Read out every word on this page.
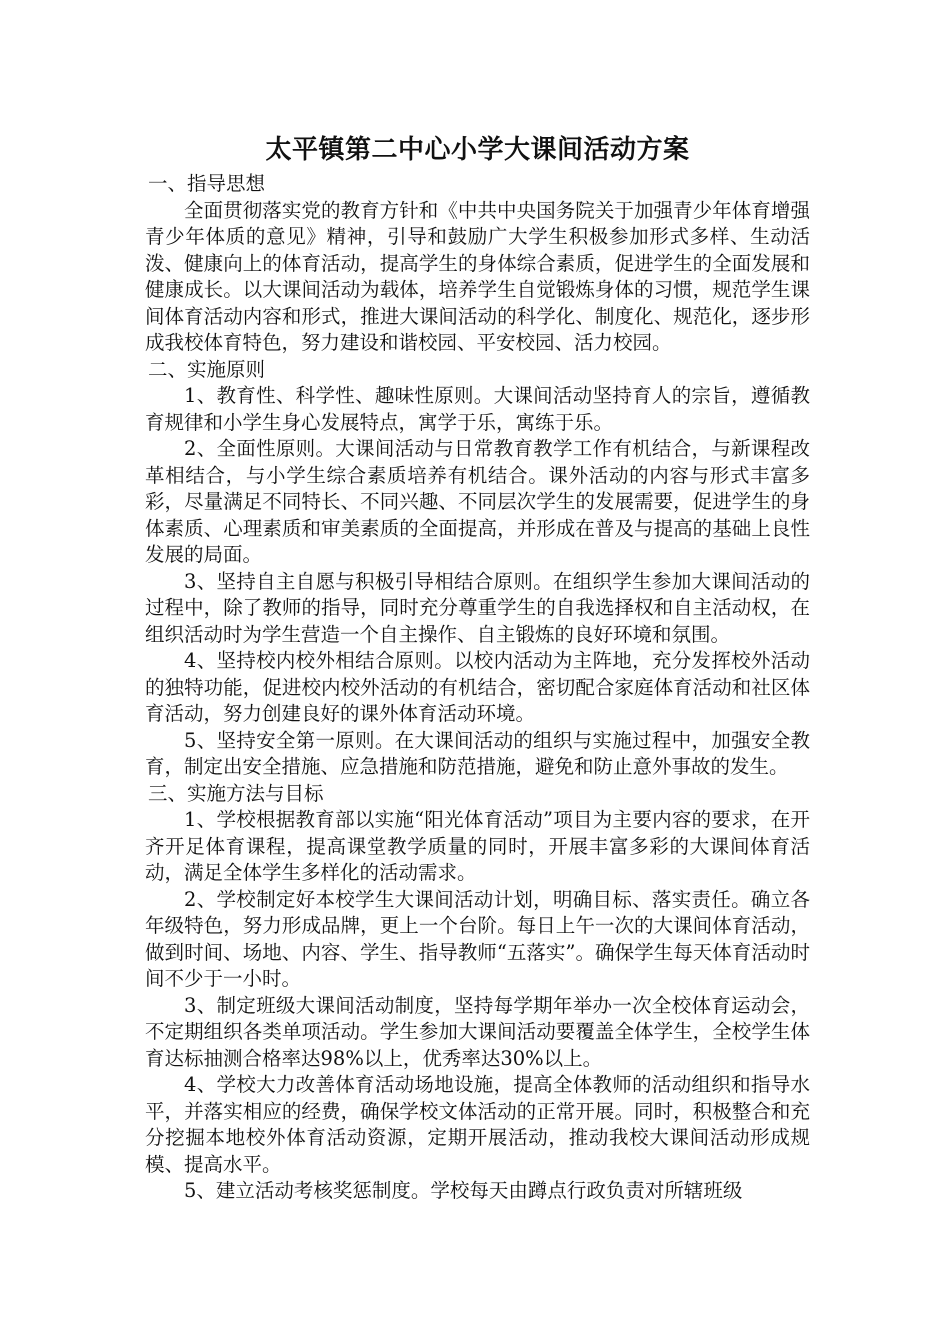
太平镇第二中心小学大课间活动方案

一、指导思想

全面贯彻落实党的教育方针和《中共中央国务院关于加强青少年体育增强青少年体质的意见》精神，引导和鼓励广大学生积极参加形式多样、生动活泼、健康向上的体育活动，提高学生的身体综合素质，促进学生的全面发展和健康成长。以大课间活动为载体，培养学生自觉锻炼身体的习惯，规范学生课间体育活动内容和形式，推进大课间活动的科学化、制度化、规范化，逐步形成我校体育特色，努力建设和谐校园、平安校园、活力校园。

二、实施原则

1、教育性、科学性、趣味性原则。大课间活动坚持育人的宗旨，遵循教育规律和小学生身心发展特点，寓学于乐，寓练于乐。

2、全面性原则。大课间活动与日常教育教学工作有机结合，与新课程改革相结合，与小学生综合素质培养有机结合。课外活动的内容与形式丰富多彩，尽量满足不同特长、不同兴趣、不同层次学生的发展需要，促进学生的身体素质、心理素质和审美素质的全面提高，并形成在普及与提高的基础上良性发展的局面。

3、坚持自主自愿与积极引导相结合原则。在组织学生参加大课间活动的过程中，除了教师的指导，同时充分尊重学生的自我选择权和自主活动权，在组织活动时为学生营造一个自主操作、自主锻炼的良好环境和氛围。

4、坚持校内校外相结合原则。以校内活动为主阵地，充分发挥校外活动的独特功能，促进校内校外活动的有机结合，密切配合家庭体育活动和社区体育活动，努力创建良好的课外体育活动环境。

5、坚持安全第一原则。在大课间活动的组织与实施过程中，加强安全教育，制定出安全措施、应急措施和防范措施，避免和防止意外事故的发生。

三、实施方法与目标

1、学校根据教育部以实施“阳光体育活动”项目为主要内容的要求，在开齐开足体育课程，提高课堂教学质量的同时，开展丰富多彩的大课间体育活动，满足全体学生多样化的活动需求。

2、学校制定好本校学生大课间活动计划，明确目标、落实责任。确立各年级特色，努力形成品牌，更上一个台阶。每日上午一次的大课间体育活动，做到时间、场地、内容、学生、指导教师“五落实”。确保学生每天体育活动时间不少于一小时。

3、制定班级大课间活动制度，坚持每学期年举办一次全校体育运动会，不定期组织各类单项活动。学生参加大课间活动要覆盖全体学生，全校学生体育达标抽测合格率达98%以上，优秀率达30%以上。

4、学校大力改善体育活动场地设施，提高全体教师的活动组织和指导水平，并落实相应的经费，确保学校文体活动的正常开展。同时，积极整合和充分挖掘本地校外体育活动资源，定期开展活动，推动我校大课间活动形成规模、提高水平。

5、建立活动考核奖惩制度。学校每天由蹲点行政负责对所辖班级
